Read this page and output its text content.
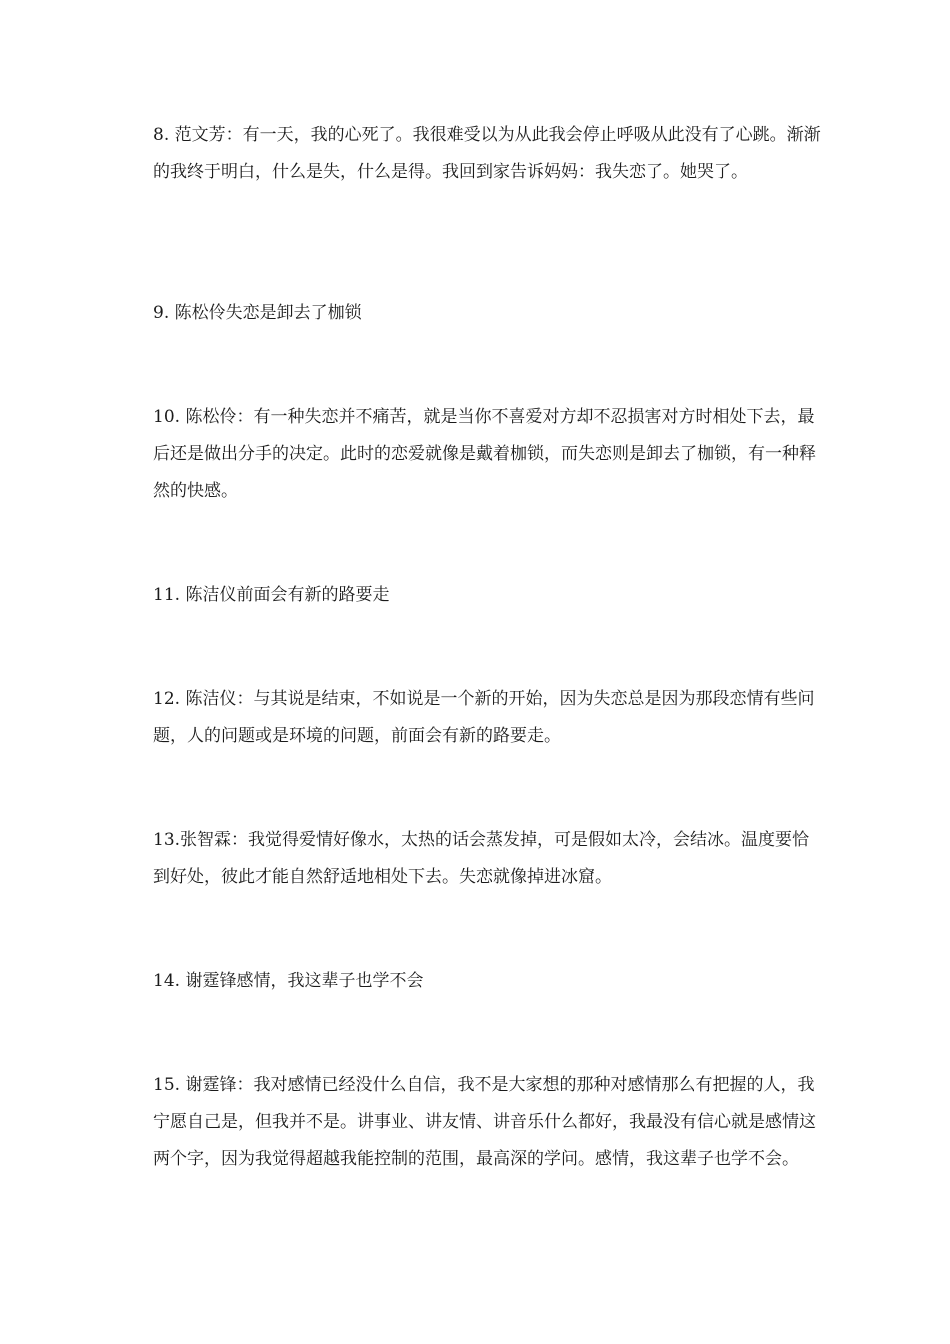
8. 范文芳：有一天，我的心死了。我很难受以为从此我会停止呼吸从此没有了心跳。渐渐的我终于明白，什么是失，什么是得。我回到家告诉妈妈：我失恋了。她哭了。

9. 陈松伶失恋是卸去了枷锁

10. 陈松伶：有一种失恋并不痛苦，就是当你不喜爱对方却不忍损害对方时相处下去，最后还是做出分手的决定。此时的恋爱就像是戴着枷锁，而失恋则是卸去了枷锁，有一种释然的快感。

11. 陈洁仪前面会有新的路要走

12. 陈洁仪：与其说是结束，不如说是一个新的开始，因为失恋总是因为那段恋情有些问题，人的问题或是环境的问题，前面会有新的路要走。

13.张智霖：我觉得爱情好像水，太热的话会蒸发掉，可是假如太冷，会结冰。温度要恰到好处，彼此才能自然舒适地相处下去。失恋就像掉进冰窟。

14. 谢霆锋感情，我这辈子也学不会

15. 谢霆锋：我对感情已经没什么自信，我不是大家想的那种对感情那么有把握的人，我宁愿自己是，但我并不是。讲事业、讲友情、讲音乐什么都好，我最没有信心就是感情这两个字，因为我觉得超越我能控制的范围，最高深的学问。感情，我这辈子也学不会。
